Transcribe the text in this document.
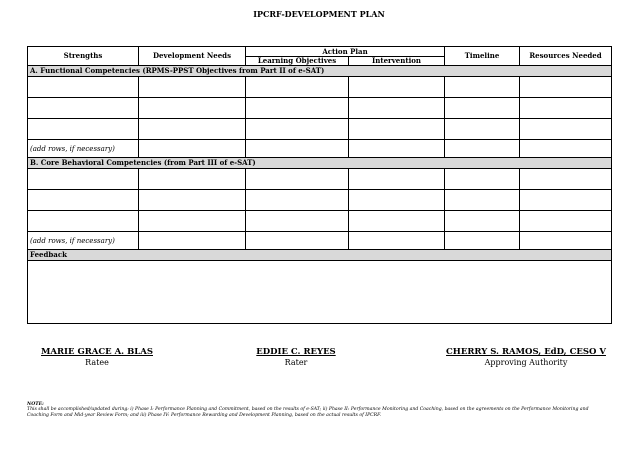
IPCRF-DEVELOPMENT PLAN
Strengths	Development Needs	Action Plan		Timeline	Resources Needed
		Learning Objectives	Intervention		
A. Functional Competencies (RPMS-PPST Objectives from Part II of e-SAT)					

(add rows, if necessary)					
B. Core Behavioral Competencies (from Part III of e-SAT)					

(add rows, if necessary)					
Feedback					

MARIE GRACE A. BLAS
Ratee
EDDIE C. REYES
Rater
CHERRY S. RAMOS, EdD, CESO V
Approving Authority
NOTE:
This shall be accomplished/updated during: i) Phase I: Performance Planning and Commitment, based on the results of e-SAT; ii) Phase II: Performance Monitoring and Coaching, based on the agreements on the Performance Monitoring and Coaching Form and Mid-year Review Form; and iii) Phase IV: Performance Rewarding and Development Planning, based on the actual results of IPCRF.
